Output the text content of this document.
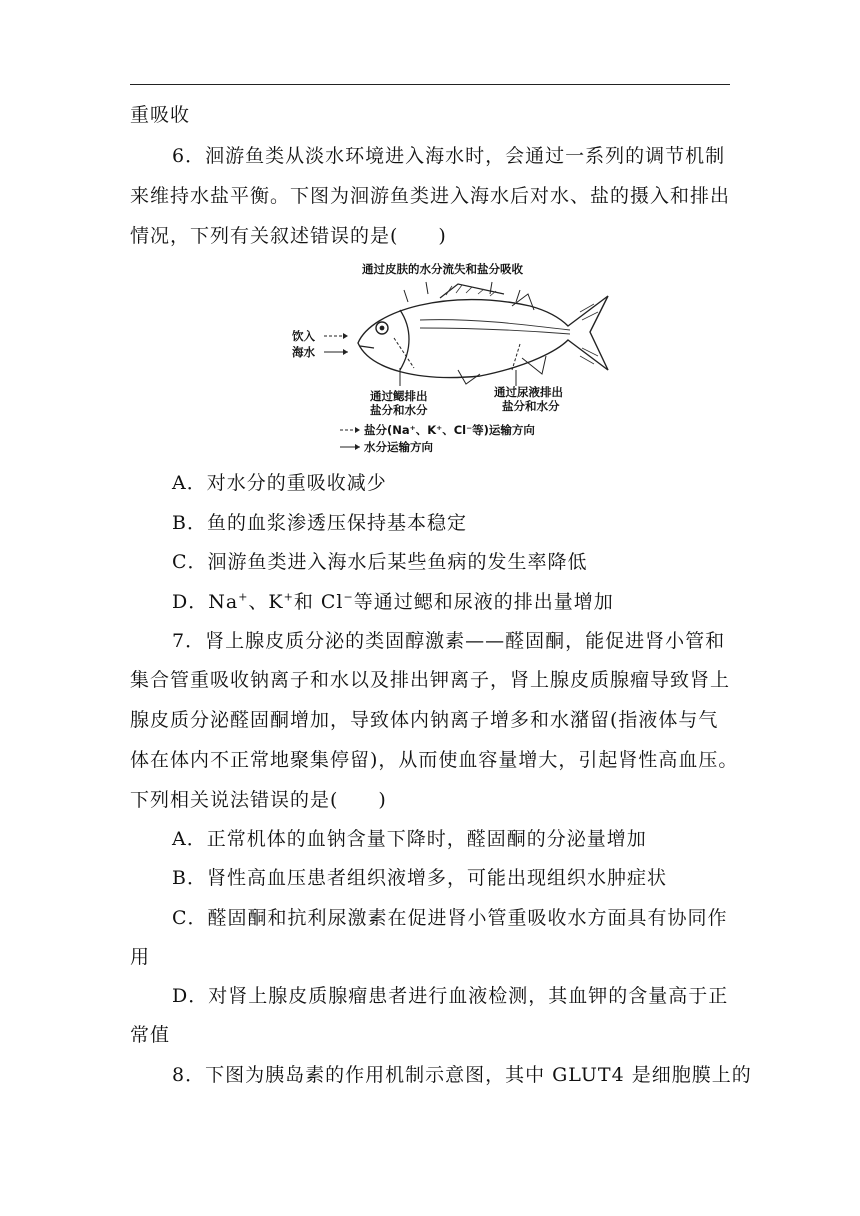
重吸收
6．洄游鱼类从淡水环境进入海水时，会通过一系列的调节机制
来维持水盐平衡。下图为洄游鱼类进入海水后对水、盐的摄入和排出
情况，下列有关叙述错误的是(　　)
通过皮肤的水分流失和盐分吸收
饮入
海水
通过鳃排出
盐分和水分
通过尿液排出
盐分和水分
盐分(Na⁺、K⁺、Cl⁻等)运输方向
水分运输方向
A．对水分的重吸收减少
B．鱼的血浆渗透压保持基本稳定
C．洄游鱼类进入海水后某些鱼病的发生率降低
D．Na+、K+和 Cl−等通过鳃和尿液的排出量增加
7．肾上腺皮质分泌的类固醇激素——醛固酮，能促进肾小管和
集合管重吸收钠离子和水以及排出钾离子，肾上腺皮质腺瘤导致肾上
腺皮质分泌醛固酮增加，导致体内钠离子增多和水潴留(指液体与气
体在体内不正常地聚集停留)，从而使血容量增大，引起肾性高血压。
下列相关说法错误的是(　　)
A．正常机体的血钠含量下降时，醛固酮的分泌量增加
B．肾性高血压患者组织液增多，可能出现组织水肿症状
C．醛固酮和抗利尿激素在促进肾小管重吸收水方面具有协同作
用
D．对肾上腺皮质腺瘤患者进行血液检测，其血钾的含量高于正
常值
8．下图为胰岛素的作用机制示意图，其中 GLUT4 是细胞膜上的
